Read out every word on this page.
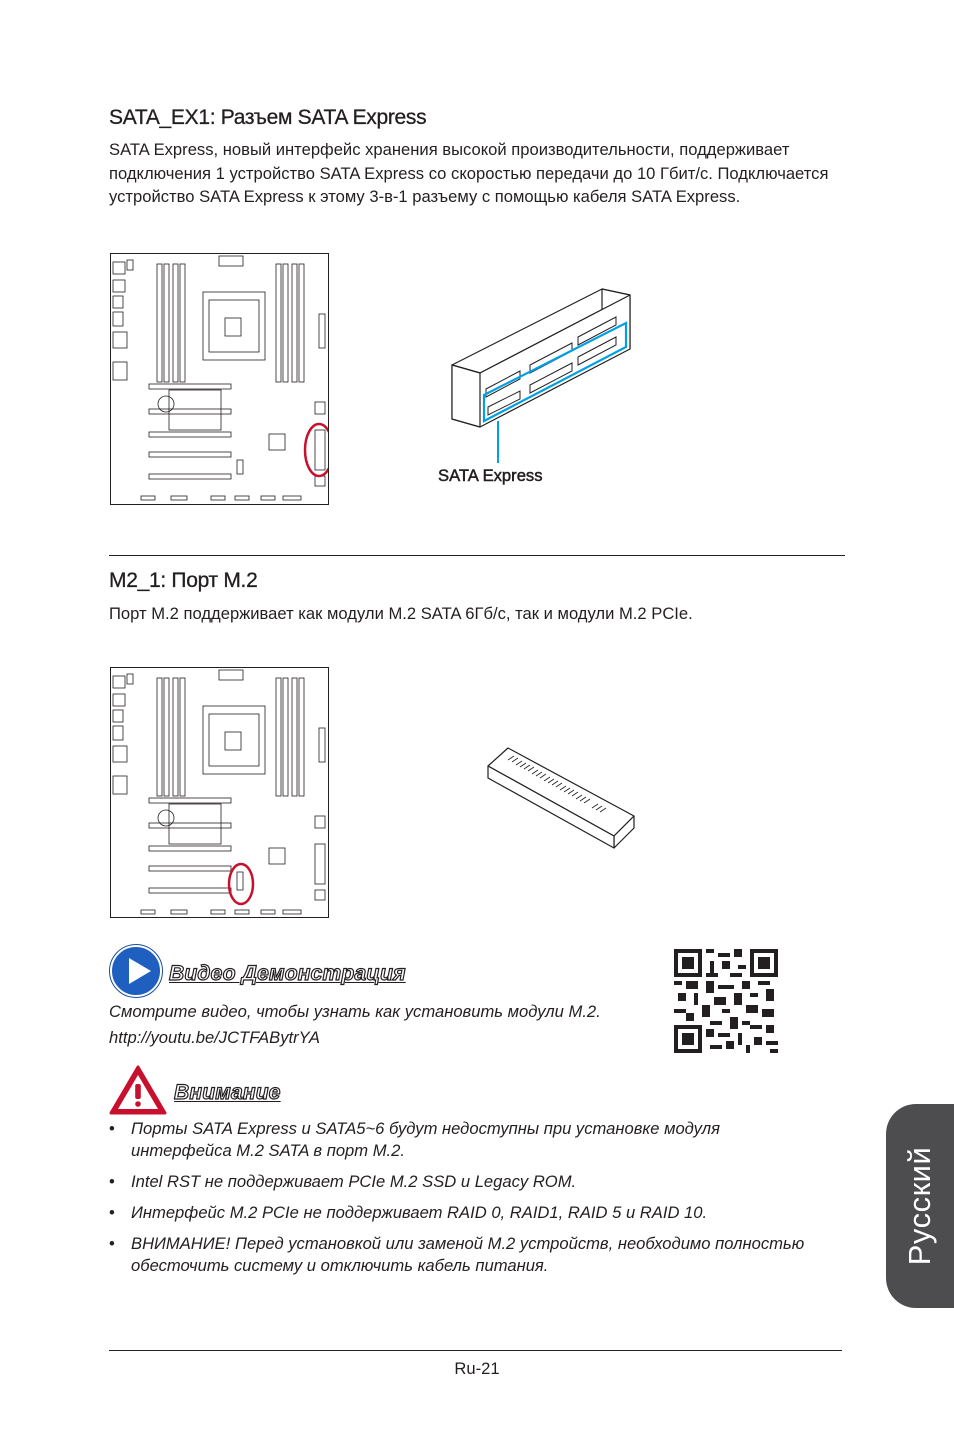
SATA_EX1: Разъем SATA Express
SATA Express, новый интерфейс хранения высокой производительности, поддерживает подключения 1 устройство SATA Express со скоростью передачи до 10 Гбит/с. Подключается устройство SATA Express к этому 3-в-1 разъему с помощью кабеля SATA Express.
SATA Express
M2_1: Порт M.2
Порт M.2 поддерживает как модули M.2 SATA 6Гб/с, так и модули M.2 PCIe.
Видео Демонстрация
Смотрите видео, чтобы узнать как установить модули M.2.
http://youtu.be/JCTFABytrYA
Внимание
• Порты SATA Express и SATA5~6 будут недоступны при установке модуля интерфейса M.2 SATA в порт M.2.
• Intel RST не поддерживает PCIe M.2 SSD и Legacy ROM.
• Интерфейс M.2 PCIe не поддерживает RAID 0, RAID1, RAID 5 и RAID 10.
• ВНИМАНИЕ! Перед установкой или заменой M.2 устройств, необходимо полностью обесточить систему и отключить кабель питания.
Русский
Ru-21
